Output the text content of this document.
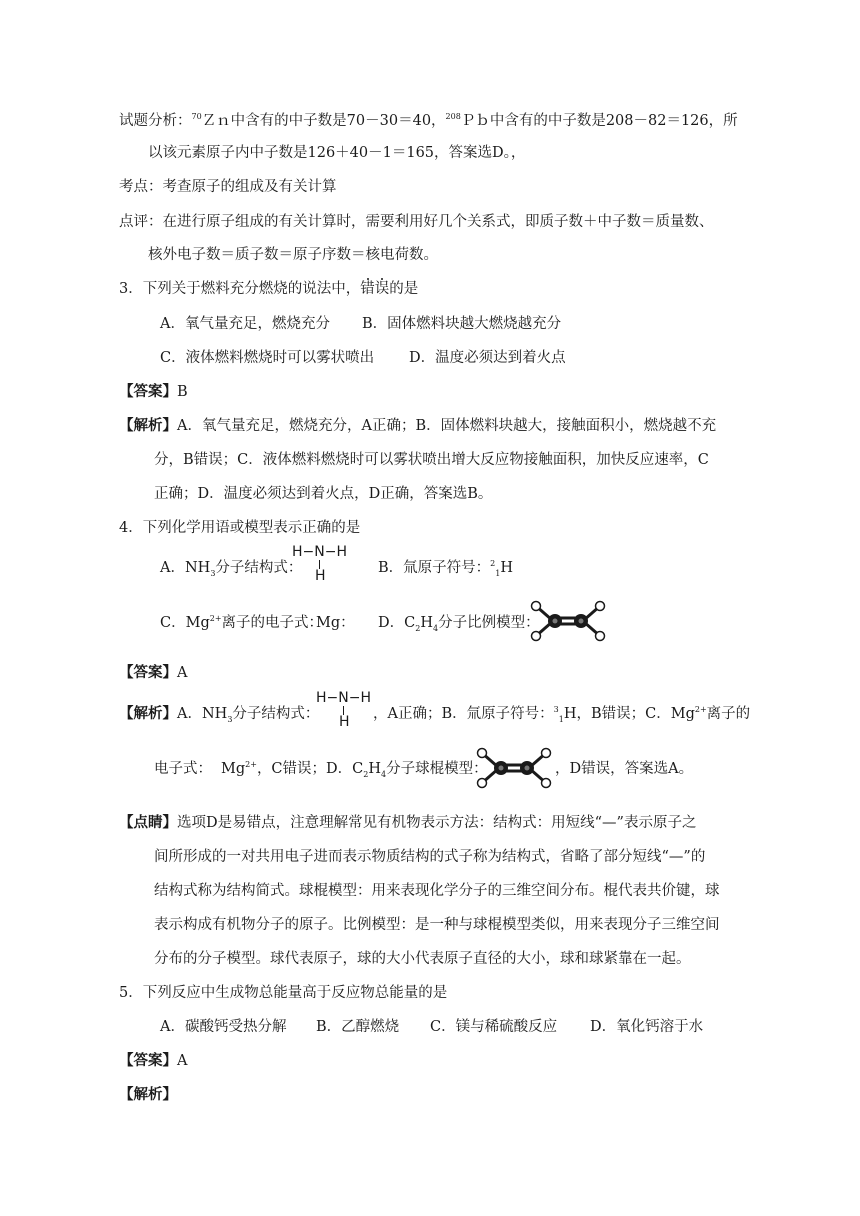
试题分析：$^{70}$Ｚｎ中含有的中子数是70－30＝40，$^{208}$Ｐｂ中含有的中子数是208－82＝126，所
以该元素原子内中子数是126＋40－1＝165，答案选D。，
考点：考查原子的组成及有关计算
点评：在进行原子组成的有关计算时，需要利用好几个关系式，即质子数＋中子数＝质量数、
核外电子数＝质子数＝原子序数＝核电荷数。
3．下列关于燃料充分燃烧的说法中，错误的是
A．氧气量充足，燃烧充分 B．固体燃料块越大燃烧越充分
C．液体燃料燃烧时可以雾状喷出 D．温度必须达到着火点
【答案】B
【解析】A．氧气量充足，燃烧充分，A正确；B．固体燃料块越大，接触面积小，燃烧越不充
分，B错误；C．液体燃料燃烧时可以雾状喷出增大反应物接触面积，加快反应速率，C
正确；D．温度必须达到着火点，D正确，答案选B。
4．下列化学用语或模型表示正确的是
A．$NH_3$分子结构式：
H−N−H
H	B．氚原子符号：$^2_1$H
C．$Mg^{2+}$离子的电子式：
Mg： D．$C_2H_4$分子比例模型：
【答案】A
【解析】A．$NH_3$分子结构式：
H−N−H
H ，A正确；B．氚原子符号：$^3_1$H，B错误；C．$Mg^{2+}$离子的
电子式： $Mg^{2+}$，C错误；D．$C_2H_4$分子球棍模型：	，D错误，答案选A。
【点睛】选项D是易错点，注意理解常见有机物表示方法：结构式：用短线“—”表示原子之
间所形成的一对共用电子进而表示物质结构的式子称为结构式，省略了部分短线“—”的
结构式称为结构简式。球棍模型：用来表现化学分子的三维空间分布。棍代表共价键，球
表示构成有机物分子的原子。比例模型：是一种与球棍模型类似，用来表现分子三维空间
分布的分子模型。球代表原子，球的大小代表原子直径的大小，球和球紧靠在一起。
5．下列反应中生成物总能量高于反应物总能量的是
A．碳酸钙受热分解 B．乙醇燃烧 C．镁与稀硫酸反应 D．氧化钙溶于水
【答案】A
【解析】
